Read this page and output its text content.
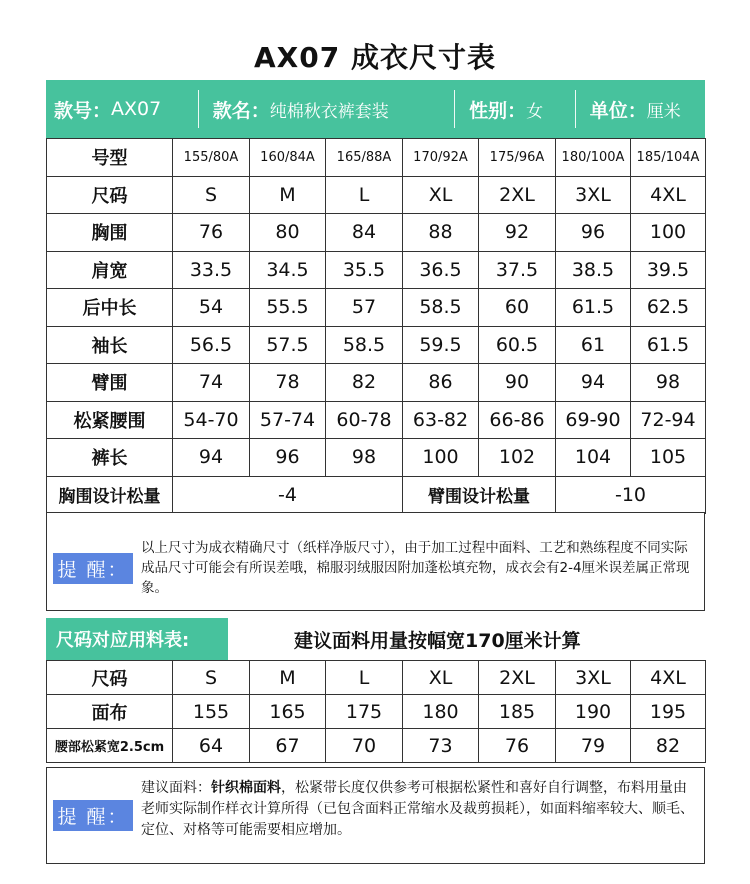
AX07 成衣尺寸表
款号： AX07	款名： 纯棉秋衣裤套装	性别： 女 单位： 厘米
号型	155/80A	160/84A	165/88A	170/92A	175/96A	180/100A	185/104A
尺码	S	M	L	XL	2XL	3XL	4XL
胸围	76	80	84	88	92	96	100
肩宽	33.5	34.5	35.5	36.5	37.5	38.5	39.5
后中长	54	55.5	57	58.5	60	61.5	62.5
袖长	56.5	57.5	58.5	59.5	60.5	61	61.5
臂围	74	78	82	86	90	94	98
松紧腰围	54-70	57-74	60-78	63-82	66-86	69-90	72-94
裤长	94	96	98	100	102	104	105
胸围设计松量	-4			臂围设计松量		-10	
提 醒：
以上尺寸为成衣精确尺寸（纸样净版尺寸），由于加工过程中面料、工艺和熟练程度不同实际成品尺寸可能会有所误差哦，棉服羽绒服因附加蓬松填充物，成衣会有2-4厘米误差属正常现象。
尺码对应用料表:	建议面料用量按幅宽170厘米计算
尺码	S	M	L	XL	2XL	3XL	4XL
面布	155	165	175	180	185	190	195
腰部松紧宽2.5cm	64	67	70	73	76	79	82
提 醒：
建议面料：针织棉面料，松紧带长度仅供参考可根据松紧性和喜好自行调整，布料用量由老师实际制作样衣计算所得（已包含面料正常缩水及裁剪损耗），如面料缩率较大、顺毛、定位、对格等可能需要相应增加。
